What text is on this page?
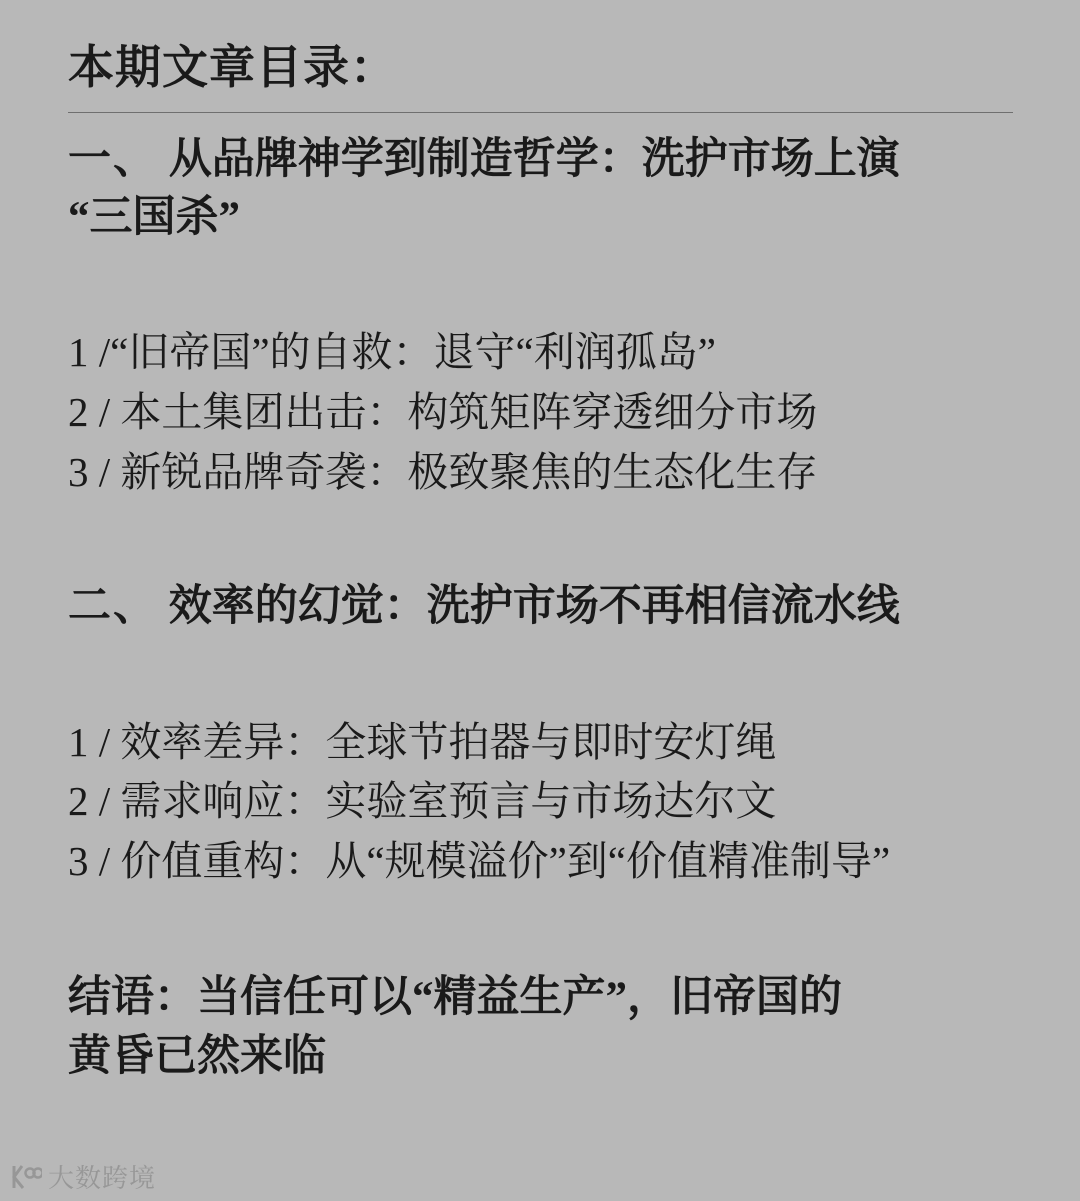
本期文章目录：

一、 从品牌神学到制造哲学：洗护市场上演
“三国杀”

1 /“旧帝国”的自救：退守“利润孤岛”
2 / 本土集团出击：构筑矩阵穿透细分市场
3 / 新锐品牌奇袭：极致聚焦的生态化生存

二、 效率的幻觉：洗护市场不再相信流水线

1 / 效率差异：全球节拍器与即时安灯绳
2 / 需求响应：实验室预言与市场达尔文
3 / 价值重构：从“规模溢价”到“价值精准制导”

结语：当信任可以“精益生产”，旧帝国的
黄昏已然来临

大数跨境
